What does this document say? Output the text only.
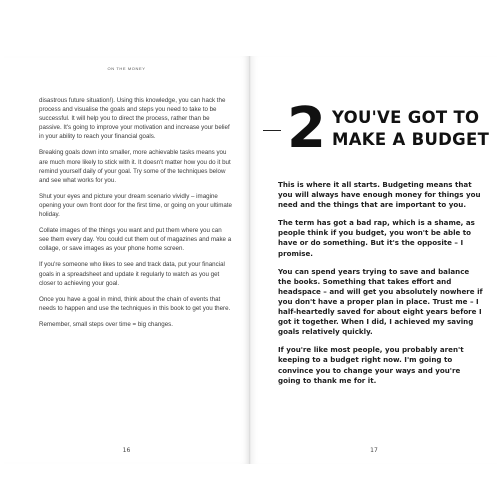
ON THE MONEY

disastrous future situation!). Using this knowledge, you can hack the process and visualise the goals and steps you need to take to be successful. It will help you to direct the process, rather than be passive. It's going to improve your motivation and increase your belief in your ability to reach your financial goals.

Breaking goals down into smaller, more achievable tasks means you are much more likely to stick with it. It doesn't matter how you do it but remind yourself daily of your goal. Try some of the techniques below and see what works for you.

Shut your eyes and picture your dream scenario vividly – imagine opening your own front door for the first time, or going on your ultimate holiday.

Collate images of the things you want and put them where you can see them every day. You could cut them out of magazines and make a collage, or save images as your phone home screen.

If you're someone who likes to see and track data, put your financial goals in a spreadsheet and update it regularly to watch as you get closer to achieving your goal.

Once you have a goal in mind, think about the chain of events that needs to happen and use the techniques in this book to get you there.

Remember, small steps over time = big changes.

16
2 YOU'VE GOT TO MAKE A BUDGET

This is where it all starts. Budgeting means that you will always have enough money for things you need and the things that are important to you.

The term has got a bad rap, which is a shame, as people think if you budget, you won't be able to have or do something. But it's the opposite – I promise.

You can spend years trying to save and balance the books. Something that takes effort and headspace – and will get you absolutely nowhere if you don't have a proper plan in place. Trust me – I half-heartedly saved for about eight years before I got it together. When I did, I achieved my saving goals relatively quickly.

If you're like most people, you probably aren't keeping to a budget right now. I'm going to convince you to change your ways and you're going to thank me for it.

17
